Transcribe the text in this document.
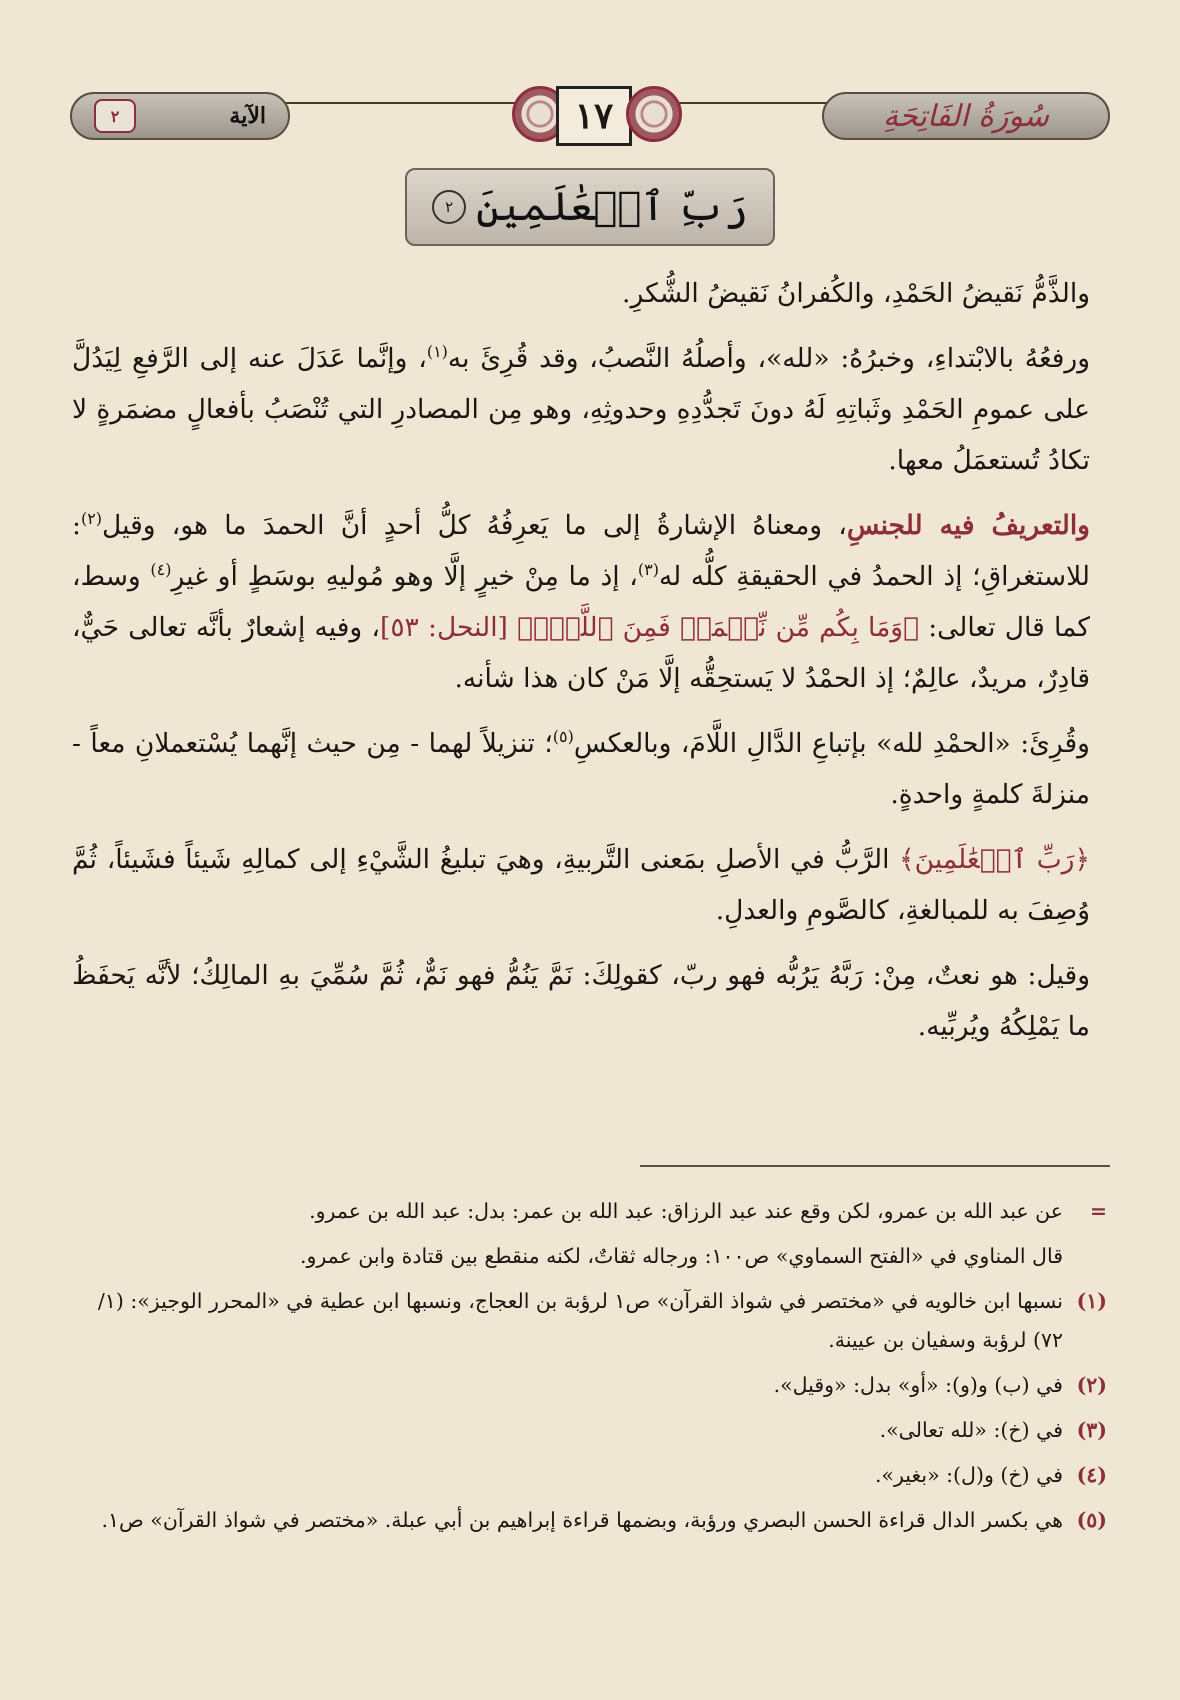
٢	الآية	١٧	سُورَةُ الفَاتِحَةِ
رَبِّ ٱلۡعَٰلَمِينَ
٢

والذَّمُّ نَقيضُ الحَمْدِ، والكُفرانُ نَقيضُ الشُّكرِ.

ورفعُهُ بالابْتداءِ، وخبرُهُ: «لله»، وأصلُهُ النَّصبُ، وقد قُرِئَ به$^{(١)}$، وإنَّما عَدَلَ عنه إلى الرَّفعِ لِيَدُلَّ على عمومِ الحَمْدِ وثَباتِهِ لَهُ دونَ تَجدُّدِهِ وحدوثِهِ، وهو مِن المصادرِ التي تُنْصَبُ بأفعالٍ مضمَرةٍ لا تكادُ تُستعمَلُ معها.

والتعريفُ فيه للجنسِ، ومعناهُ الإشارةُ إلى ما يَعرِفُهُ كلُّ أحدٍ أنَّ الحمدَ ما هو، وقيل$^{(٢)}$: للاستغراقِ؛ إذ الحمدُ في الحقيقةِ كلُّه له$^{(٣)}$، إذ ما مِنْ خيرٍ إلَّا وهو مُوليهِ بوسَطٍ أو غيرِ$^{(٤)}$ وسط، كما قال تعالى: ﴿وَمَا بِكُم مِّن نِّعۡمَةٖ فَمِنَ ٱللَّهِۖ﴾ [النحل: ٥٣]، وفيه إشعارٌ بأنَّه تعالى حَيٌّ، قادِرٌ، مريدٌ، عالِمٌ؛ إذ الحمْدُ لا يَستحِقُّه إلَّا مَنْ كان هذا شأنه.

وقُرِئَ: «الحمْدِ لله» بإتباعِ الدَّالِ اللَّامَ، وبالعكسِ$^{(٥)}$؛ تنزيلاً لهما - مِن حيث إنَّهما يُسْتعملانِ معاً - منزلةَ كلمةٍ واحدةٍ.

﴿رَبِّ ٱلۡعَٰلَمِينَ﴾ الرَّبُّ في الأصلِ بمَعنى التَّربيةِ، وهيَ تبليغُ الشَّيْءِ إلى كمالِهِ شَيئاً فشَيئاً، ثُمَّ وُصِفَ به للمبالغةِ، كالصَّومِ والعدلِ.

وقيل: هو نعتٌ، مِنْ: رَبَّهُ يَرُبُّه فهو ربّ، كقولِكَ: نَمَّ يَنُمُّ فهو نَمٌّ، ثُمَّ سُمِّيَ بهِ المالِكُ؛ لأنَّه يَحفَظُ ما يَمْلِكُهُ ويُربِّيه.

=
عن عبد الله بن عمرو، لكن وقع عند عبد الرزاق: عبد الله بن عمر: بدل: عبد الله بن عمرو.
قال المناوي في «الفتح السماوي» ص١٠٠: ورجاله ثقاتٌ، لكنه منقطع بين قتادة وابن عمرو.
(١)
نسبها ابن خالويه في «مختصر في شواذ القرآن» ص١ لرؤبة بن العجاج، ونسبها ابن عطية في «المحرر الوجيز»: (١/ ٧٢) لرؤبة وسفيان بن عيينة.
(٢)
في (ب) و(و): «أو» بدل: «وقيل».
(٣)
في (خ): «لله تعالى».
(٤)
في (خ) و(ل): «بغير».
(٥)
هي بكسر الدال قراءة الحسن البصري ورؤبة، وبضمها قراءة إبراهيم بن أبي عبلة. «مختصر في شواذ القرآن» ص١.
